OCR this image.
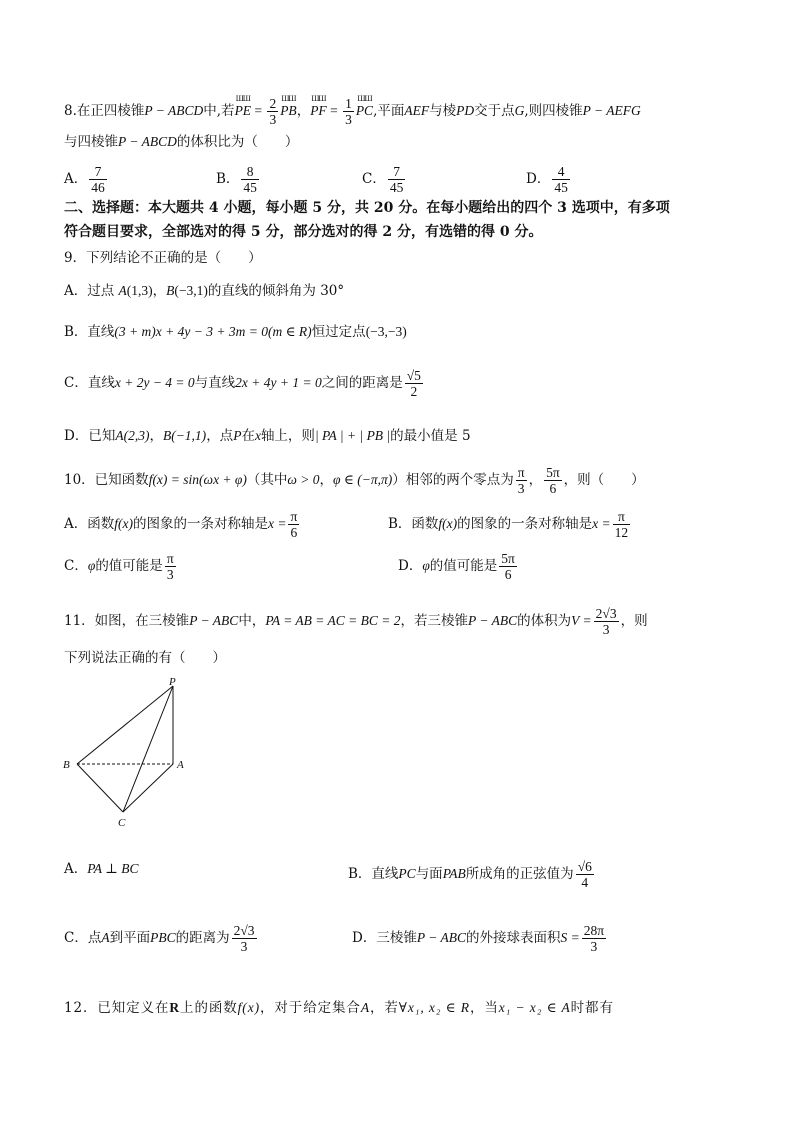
8.在正四棱锥P − ABCD中,若
ШШ
PE = $\frac{2}{3}$ ШШ
PB，
ШШ
PF = $\frac{1}{3}$ ШШ
PC,平面AEF与棱PD交于点G,则四棱锥P − AEFG
与四棱锥P − ABCD的体积比为（　　）
A． $\frac{7}{46}$	B． $\frac{8}{45}$	C． $\frac{7}{45}$	D． $\frac{4}{45}$
二、选择题：本大题共 4 小题，每小题 5 分，共 20 分。在每小题给出的四个 3 选项中，有多项
符合题目要求，全部选对的得 5 分，部分选对的得 2 分，有选错的得 0 分。
9．下列结论不正确的是（　　）
A．过点 A(1,3)，B(−3,1)的直线的倾斜角为 30°
B．直线(3 + m)x + 4y − 3 + 3m = 0(m ∈ R)恒过定点(−3,−3)
C．直线x + 2y − 4 = 0与直线2x + 4y + 1 = 0之间的距离是 $\frac{√5}{2}$
D．已知A(2,3)，B(−1,1)，点P在x轴上，则| PA | + | PB |的最小值是 5
10．已知函数f(x) = sin(ωx + φ)（其中ω > 0，φ ∈ (−π,π)）相邻的两个零点为 $\frac{\pi}{3}$ ， $\frac{5\pi}{6}$ ，则（　　）
A．函数f(x)的图象的一条对称轴是$x = \frac{\pi}{6}$	B．函数f(x)的图象的一条对称轴是$x = \frac{\pi}{12}$
C．φ的值可能是 $\frac{\pi}{3}$	D．φ的值可能是 $\frac{5\pi}{6}$
11．如图，在三棱锥P − ABC中，PA = AB = AC = BC = 2，若三棱锥P − ABC的体积为$V = \frac{2√3}{3}$ ，则
下列说法正确的有（　　）
P
A
B
C
A．PA ⊥ BC	B．直线PC与面PAB所成角的正弦值为 $\frac{√6}{4}$
C．点A到平面PBC的距离为 $\frac{2√3}{3}$	D．三棱锥P − ABC的外接球表面积$S = \frac{28\pi}{3}$
12．已知定义在R上的函数f(x)，对于给定集合A，若∀x₁, x₂ ∈ R，当x₁ − x₂ ∈ A时都有
